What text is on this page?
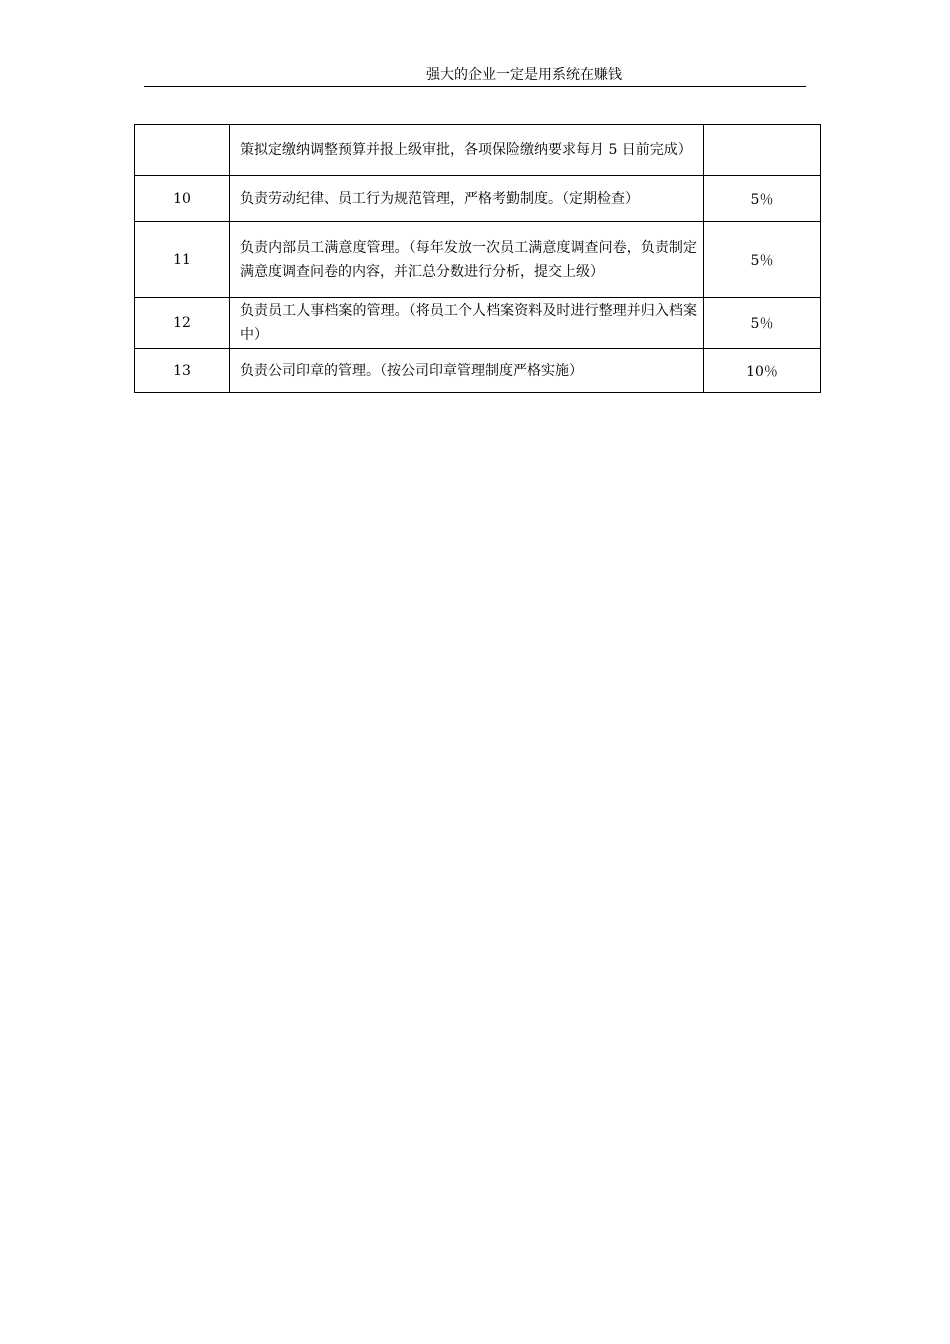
强大的企业一定是用系统在赚钱

	策拟定缴纳调整预算并报上级审批，各项保险缴纳要求每月 5 日前完成）	

10	负责劳动纪律、员工行为规范管理，严格考勤制度。（定期检查）	5％
11	负责内部员工满意度管理。（每年发放一次员工满意度调查问卷，负责制定满意度调查问卷的内容，并汇总分数进行分析，提交上级）	5％
12	负责员工人事档案的管理。（将员工个人档案资料及时进行整理并归入档案中）	5％
13	负责公司印章的管理。（按公司印章管理制度严格实施）	10％
